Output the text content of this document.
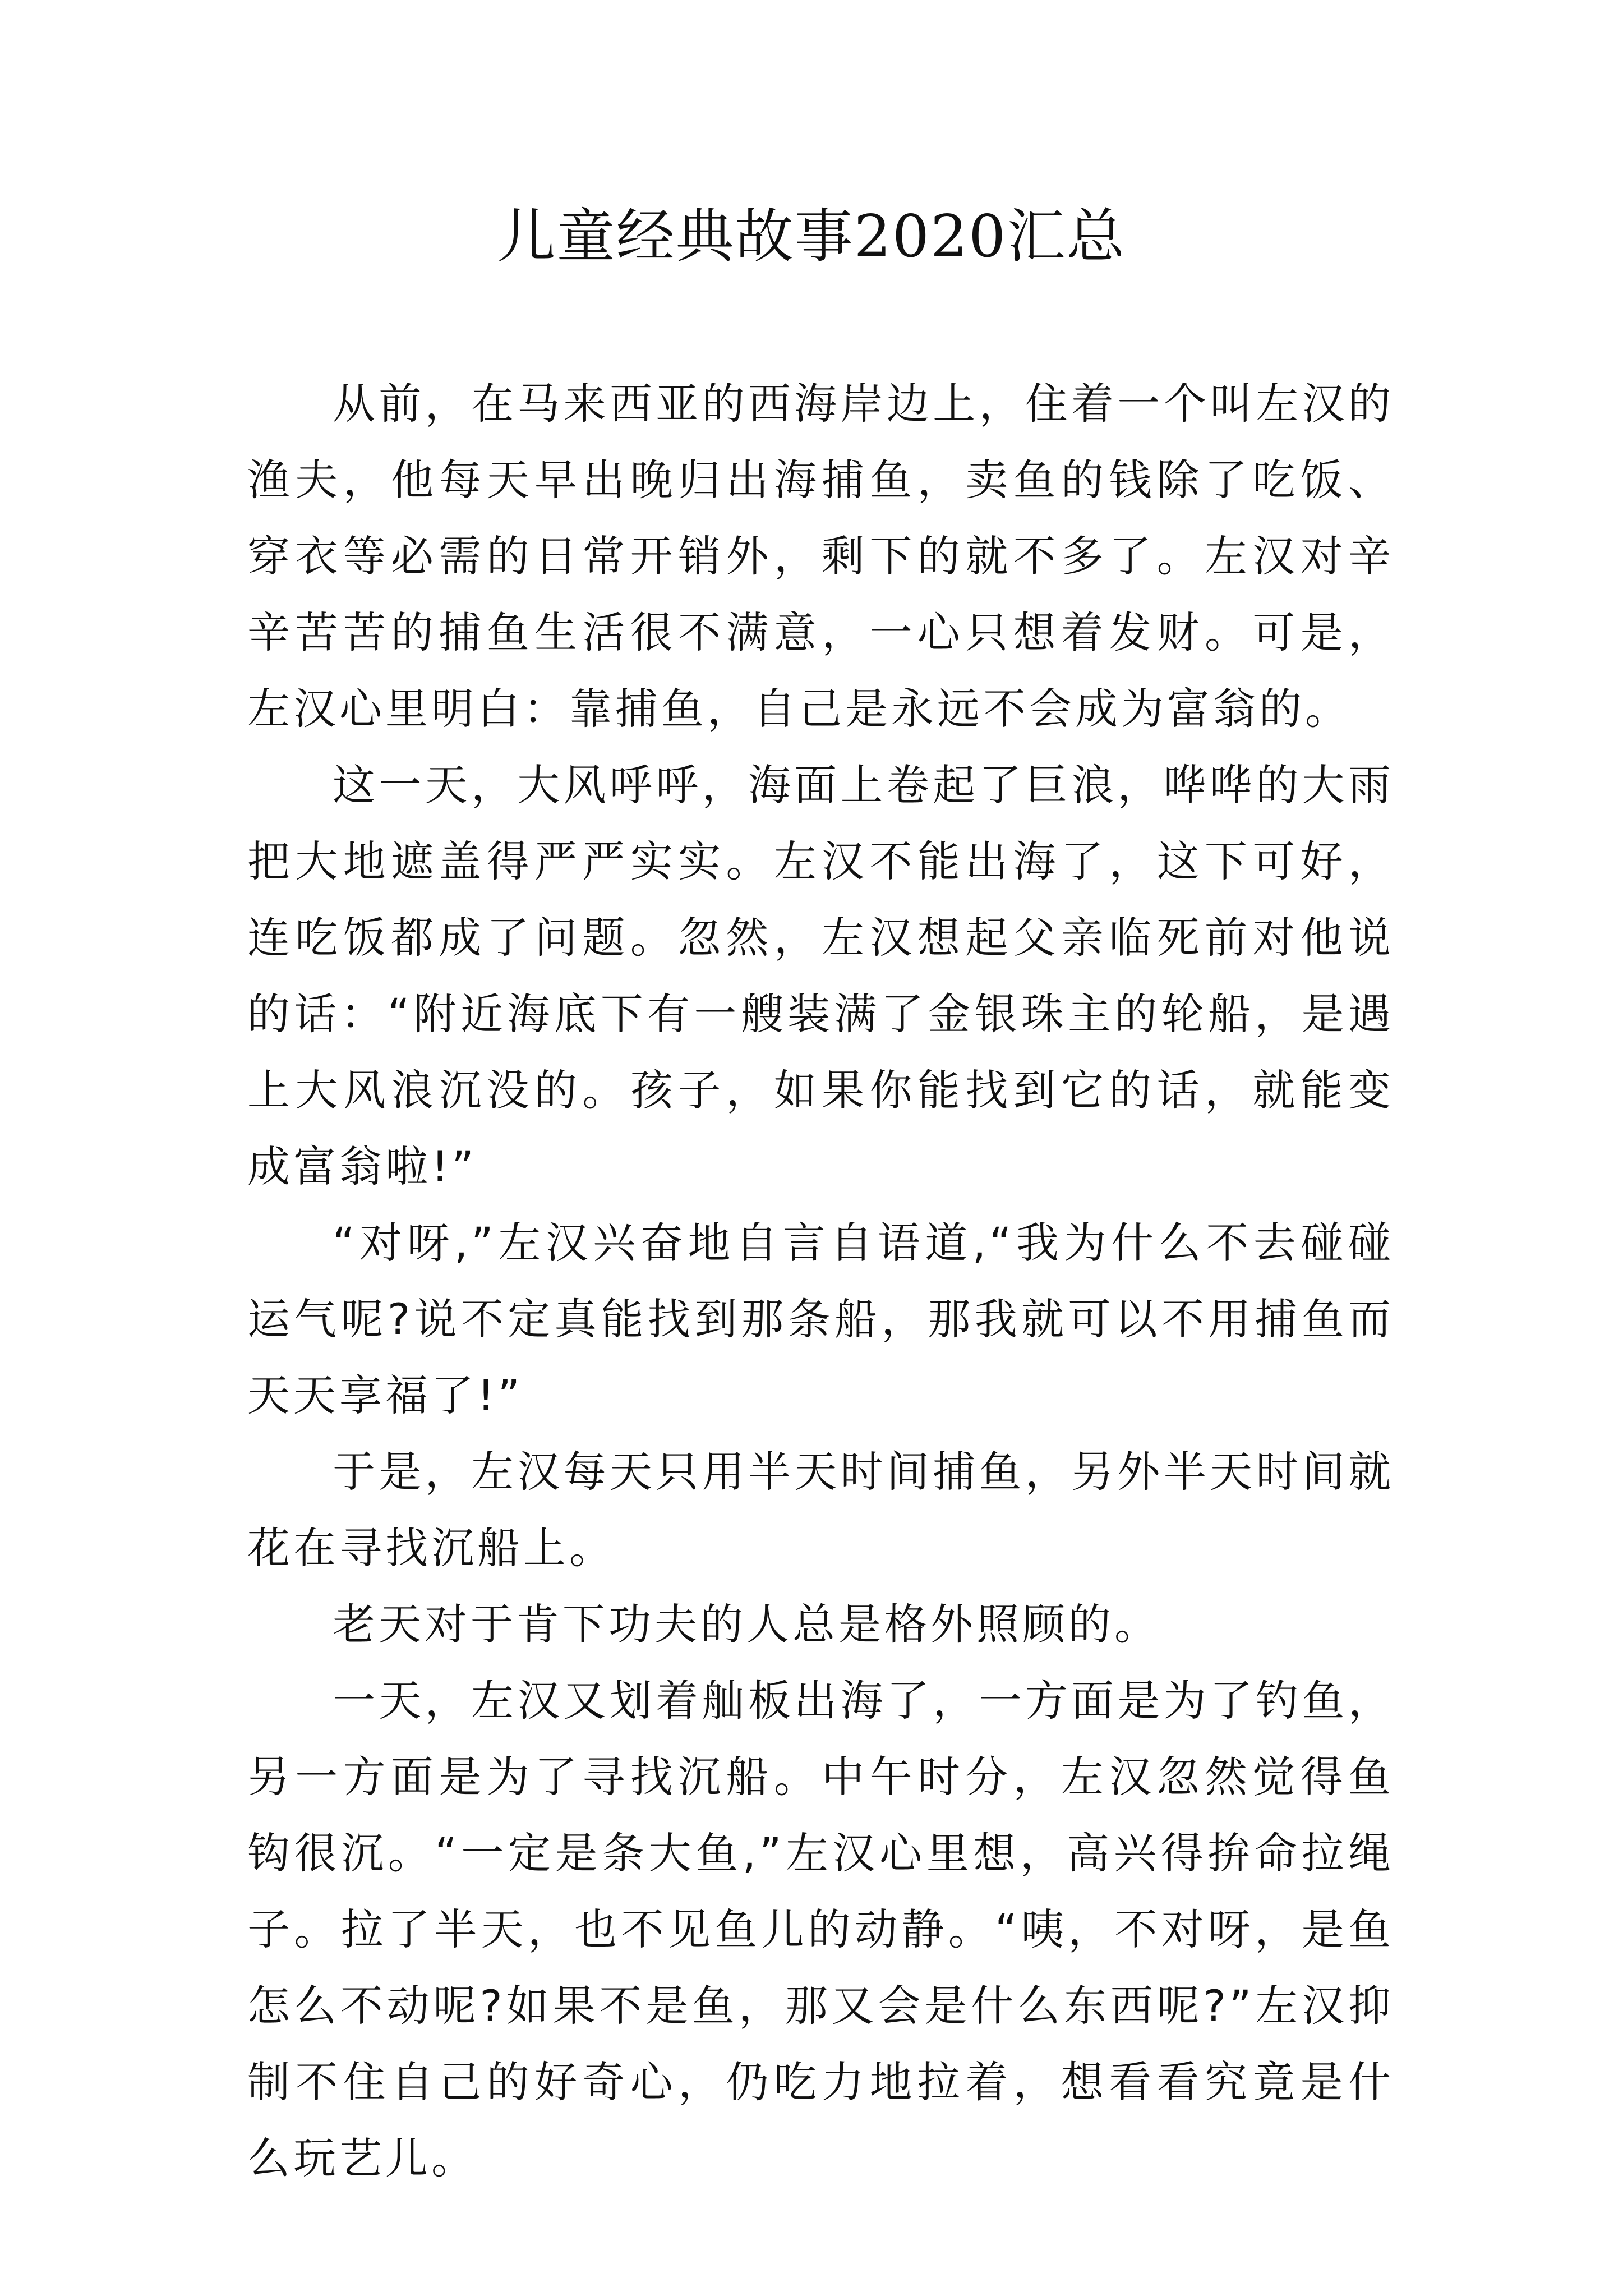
儿童经典故事2020汇总

从前，在马来西亚的西海岸边上，住着一个叫左汉的渔夫，他每天早出晚归出海捕鱼，卖鱼的钱除了吃饭、穿衣等必需的日常开销外，剩下的就不多了。左汉对辛辛苦苦的捕鱼生活很不满意，一心只想着发财。可是，左汉心里明白：靠捕鱼，自己是永远不会成为富翁的。

这一天，大风呼呼，海面上卷起了巨浪，哗哗的大雨把大地遮盖得严严实实。左汉不能出海了，这下可好，连吃饭都成了问题。忽然，左汉想起父亲临死前对他说的话：“附近海底下有一艘装满了金银珠主的轮船，是遇上大风浪沉没的。孩子，如果你能找到它的话，就能变成富翁啦!”

“对呀,”左汉兴奋地自言自语道,“我为什么不去碰碰运气呢?说不定真能找到那条船，那我就可以不用捕鱼而天天享福了!”

于是，左汉每天只用半天时间捕鱼，另外半天时间就花在寻找沉船上。

老天对于肯下功夫的人总是格外照顾的。

一天，左汉又划着舢板出海了，一方面是为了钓鱼，另一方面是为了寻找沉船。中午时分，左汉忽然觉得鱼钩很沉。“一定是条大鱼,”左汉心里想，高兴得拚命拉绳子。拉了半天，也不见鱼儿的动静。“咦，不对呀，是鱼怎么不动呢?如果不是鱼，那又会是什么东西呢?”左汉抑制不住自己的好奇心，仍吃力地拉着，想看看究竟是什么玩艺儿。
